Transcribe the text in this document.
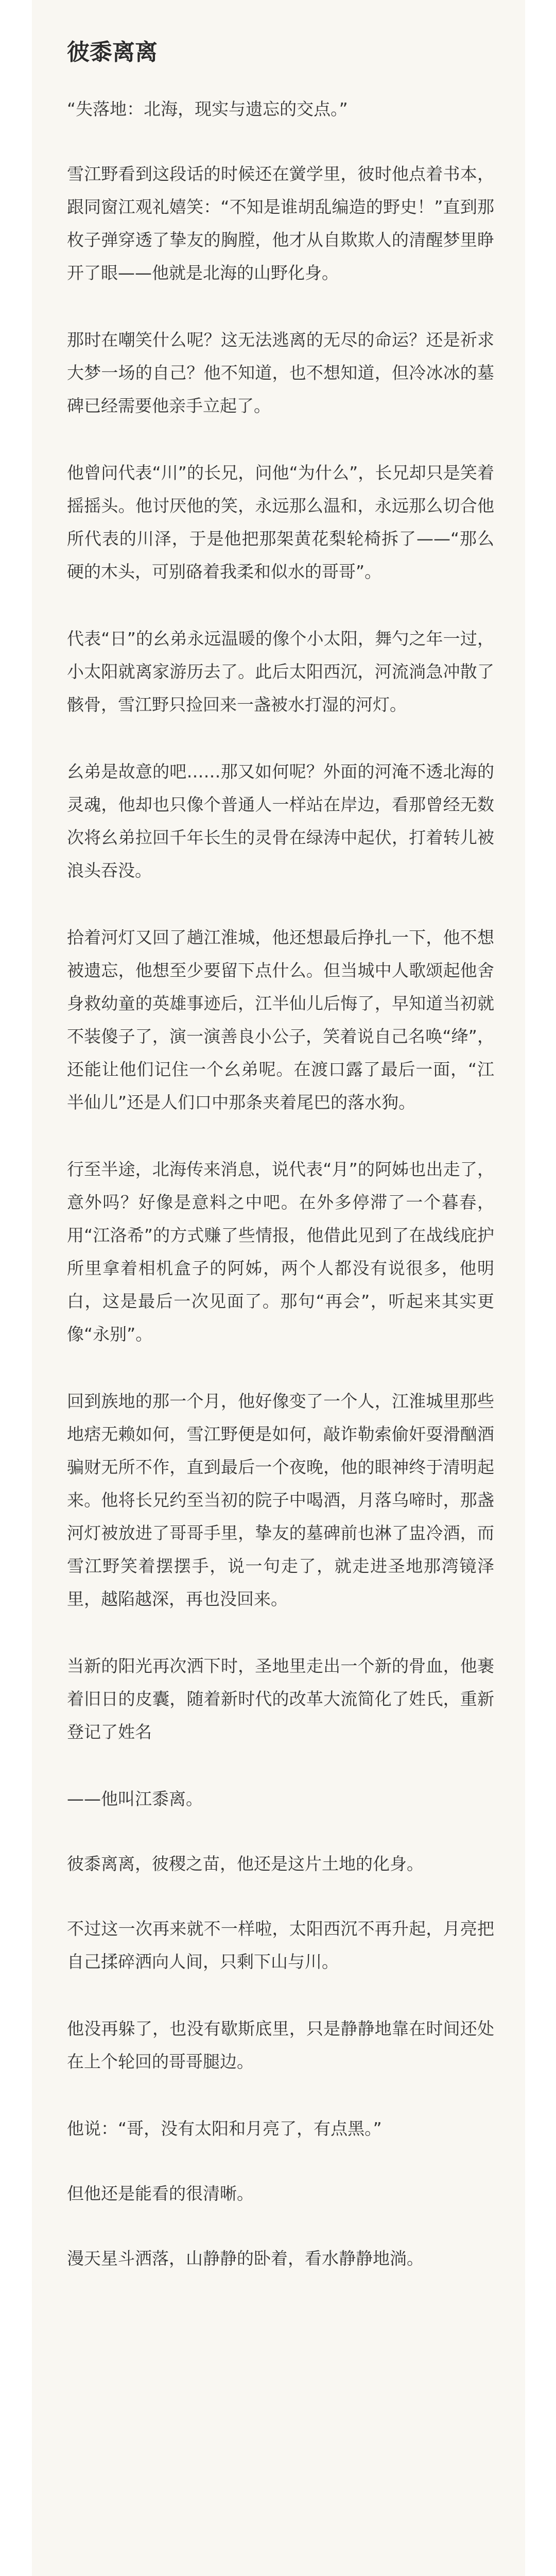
彼黍离离

“失落地：北海，现实与遗忘的交点。”

雪江野看到这段话的时候还在黉学里，彼时他点着书本，跟同窗江观礼嬉笑：“不知是谁胡乱编造的野史！”直到那枚子弹穿透了挚友的胸膛，他才从自欺欺人的清醒梦里睁开了眼——他就是北海的山野化身。

那时在嘲笑什么呢？这无法逃离的无尽的命运？还是祈求大梦一场的自己？他不知道，也不想知道，但冷冰冰的墓碑已经需要他亲手立起了。

他曾问代表“川”的长兄，问他“为什么”，长兄却只是笑着摇摇头。他讨厌他的笑，永远那么温和，永远那么切合他所代表的川泽，于是他把那架黄花梨轮椅拆了——“那么硬的木头，可别硌着我柔和似水的哥哥”。

代表“日”的幺弟永远温暖的像个小太阳，舞勺之年一过，小太阳就离家游历去了。此后太阳西沉，河流淌急冲散了骸骨，雪江野只捡回来一盏被水打湿的河灯。

幺弟是故意的吧……那又如何呢？外面的河淹不透北海的灵魂，他却也只像个普通人一样站在岸边，看那曾经无数次将幺弟拉回千年长生的灵骨在绿涛中起伏，打着转儿被浪头吞没。

拾着河灯又回了趟江淮城，他还想最后挣扎一下，他不想被遗忘，他想至少要留下点什么。但当城中人歌颂起他舍身救幼童的英雄事迹后，江半仙儿后悔了，早知道当初就不装傻子了，演一演善良小公子，笑着说自己名唤“绛”，还能让他们记住一个幺弟呢。在渡口露了最后一面，“江半仙儿”还是人们口中那条夹着尾巴的落水狗。

行至半途，北海传来消息，说代表“月”的阿姊也出走了，意外吗？好像是意料之中吧。在外多停滞了一个暮春，用“江洛希”的方式赚了些情报，他借此见到了在战线庇护所里拿着相机盒子的阿姊，两个人都没有说很多，他明白，这是最后一次见面了。那句“再会”，听起来其实更像“永别”。

回到族地的那一个月，他好像变了一个人，江淮城里那些地痞无赖如何，雪江野便是如何，敲诈勒索偷奸耍滑酗酒骗财无所不作，直到最后一个夜晚，他的眼神终于清明起来。他将长兄约至当初的院子中喝酒，月落乌啼时，那盏河灯被放进了哥哥手里，挚友的墓碑前也淋了盅冷酒，而雪江野笑着摆摆手，说一句走了，就走进圣地那湾镜泽里，越陷越深，再也没回来。

当新的阳光再次洒下时，圣地里走出一个新的骨血，他裹着旧日的皮囊，随着新时代的改革大流简化了姓氏，重新登记了姓名

——他叫江黍离。

彼黍离离，彼稷之苗，他还是这片土地的化身。

不过这一次再来就不一样啦，太阳西沉不再升起，月亮把自己揉碎洒向人间，只剩下山与川。

他没再躲了，也没有歇斯底里，只是静静地靠在时间还处在上个轮回的哥哥腿边。

他说：“哥，没有太阳和月亮了，有点黑。”

但他还是能看的很清晰。

漫天星斗洒落，山静静的卧着，看水静静地淌。
